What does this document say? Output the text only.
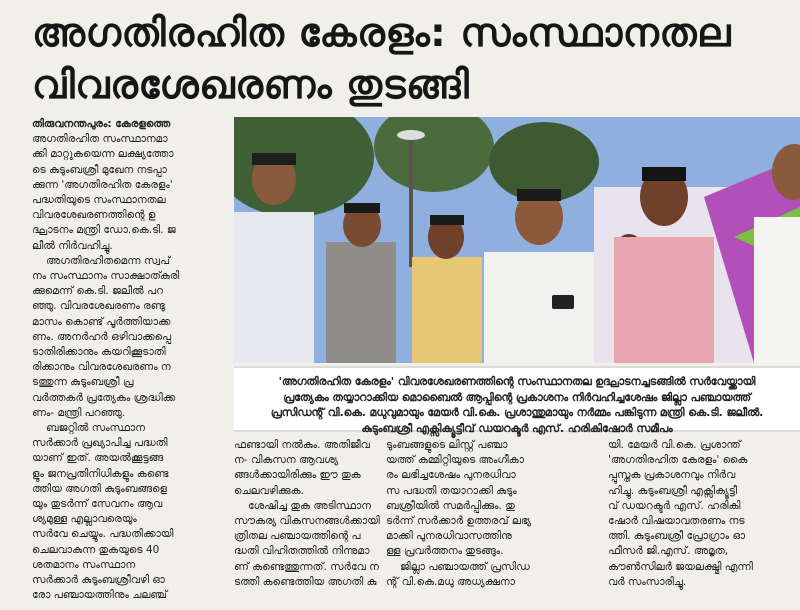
അഗതിരഹിത കേരളം: സംസ്ഥാനതല
വിവരശേഖരണം തുടങ്ങി

തിരുവനന്തപുരം: കേരളത്തെ

അഗതിരഹിത സംസ്ഥാനമാ

ക്കി മാറ്റുകയെന്ന ലക്ഷ്യത്തോ

ടെ കുടുംബശ്രീ മുഖേന നടപ്പാ

ക്കുന്ന 'അഗതിരഹിത കേരളം'

പദ്ധതിയുടെ സംസ്ഥാനതല

വിവരശേഖരണത്തിന്റെ ഉ

ദ്ഘാടനം മന്ത്രി ഡോ.കെ.ടി. ജ

ലീൽ നിർവഹിച്ചു.

അഗതിരഹിതമെന്ന സ്വപ്

നം സംസ്ഥാനം സാക്ഷാത്കരി

ക്കുമെന്ന് കെ.ടി. ജലീൽ പറ

ഞ്ഞു. വിവരശേഖരണം രണ്ടു

മാസം കൊണ്ട് പൂർത്തിയാക്ക

ണം. അനർഹർ ഒഴിവാക്കപ്പെ

ടാതിരിക്കാനും കയറിക്കൂടാതി

രിക്കാനും വിവരശേഖരണം ന

ടത്തുന്ന കുടുംബശ്രീ പ്ര

വർത്തകർ പ്രത്യേകം ശ്രദ്ധിക്ക

ണം- മന്ത്രി പറഞ്ഞു.

ബജറ്റിൽ സംസ്ഥാന

സർക്കാർ പ്രഖ്യാപിച്ച പദ്ധതി

യാണ് ഇത്. അയൽക്കൂട്ടങ്ങ

ളും ജനപ്രതിനിധികളും കണ്ടെ

ത്തിയ അഗതി കുടുംബങ്ങളെ

യും തുടർന്ന് സേവനം ആവ

ശ്യമുള്ള എല്ലാവരെയും

സർവേ ചെയ്യും. പദ്ധതിക്കായി

ചെലവാകുന്ന തുകയുടെ 40

ശതമാനം സംസ്ഥാന

സർക്കാർ കുടുംബശ്രീവഴി ഓ

രോ പഞ്ചായത്തിനും ചലഞ്ച്

'അഗതിരഹിത കേരളം' വിവരശേഖരണത്തിന്റെ സംസ്ഥാനതല ഉദ്ഘാടനച്ചടങ്ങിൽ സർവേയ്ക്കായി
പ്രത്യേകം തയ്യാറാക്കിയ മൊബൈൽ ആപ്പിന്റെ പ്രകാശനം നിർവഹിച്ചശേഷം ജില്ലാ പഞ്ചായത്ത്
പ്രസിഡന്റ് വി.കെ. മധുവുമായും മേയർ വി.കെ. പ്രശാന്തുമായും നർമ്മം പങ്കിടുന്ന മന്ത്രി കെ.ടി. ജലീൽ.
കുടുംബശ്രീ എക്സിക്യൂട്ടീവ് ഡയറക്ടർ എസ്. ഹരികിഷോർ സമീപം

ഫണ്ടായി നൽകും. അതിജീവ

ന- വികസന ആവശ്യ

ങ്ങൾക്കായിരിക്കും ഈ തുക

ചെലവഴിക്കുക.

ശേഷിച്ച തുക അടിസ്ഥാന

സൗകര്യ വികസനങ്ങൾക്കായി

ത്രിതല പഞ്ചായത്തിന്റെ പ

ദ്ധതി വിഹിതത്തിൽ നിന്നുമാ

ണ് കണ്ടെത്തുന്നത്. സർവേ ന

ടത്തി കണ്ടെത്തിയ അഗതി കു

ടുംബങ്ങളുടെ ലിസ്റ്റ് പഞ്ചാ

യത്ത് കമ്മിറ്റിയുടെ അംഗീകാ

രം ലഭിച്ചശേഷം പുനരധിവാ

സ പദ്ധതി തയാറാക്കി കുടും

ബശ്രീയിൽ സമർപ്പിക്കും. തു

ടർന്ന് സർക്കാർ ഉത്തരവ് ലഭ്യ

മാക്കി പുനരധിവാസത്തിനു

ള്ള പ്രവർത്തനം തുടങ്ങും.

ജില്ലാ പഞ്ചായത്ത് പ്രസിഡ

ന്റ് വി.കെ.മധു അധ്യക്ഷനാ

യി. മേയർ വി.കെ. പ്രശാന്ത്

'അഗതിരഹിത കേരളം' കൈ

പ്പുസ്തക പ്രകാശനവും നിർവ

ഹിച്ചു. കുടുംബശ്രീ എക്സിക്യൂട്ടീ

വ് ഡയറക്ടർ എസ്. ഹരികി

ഷോർ വിഷയാവതരണം നട

ത്തി. കുടുംബശ്രീ പ്രോഗ്രാം ഓ

ഫീസർ ജി.എസ്. അമൃത,

കൗൺസിലർ ജയലക്ഷ്മി എന്നി

വർ സംസാരിച്ചു.
